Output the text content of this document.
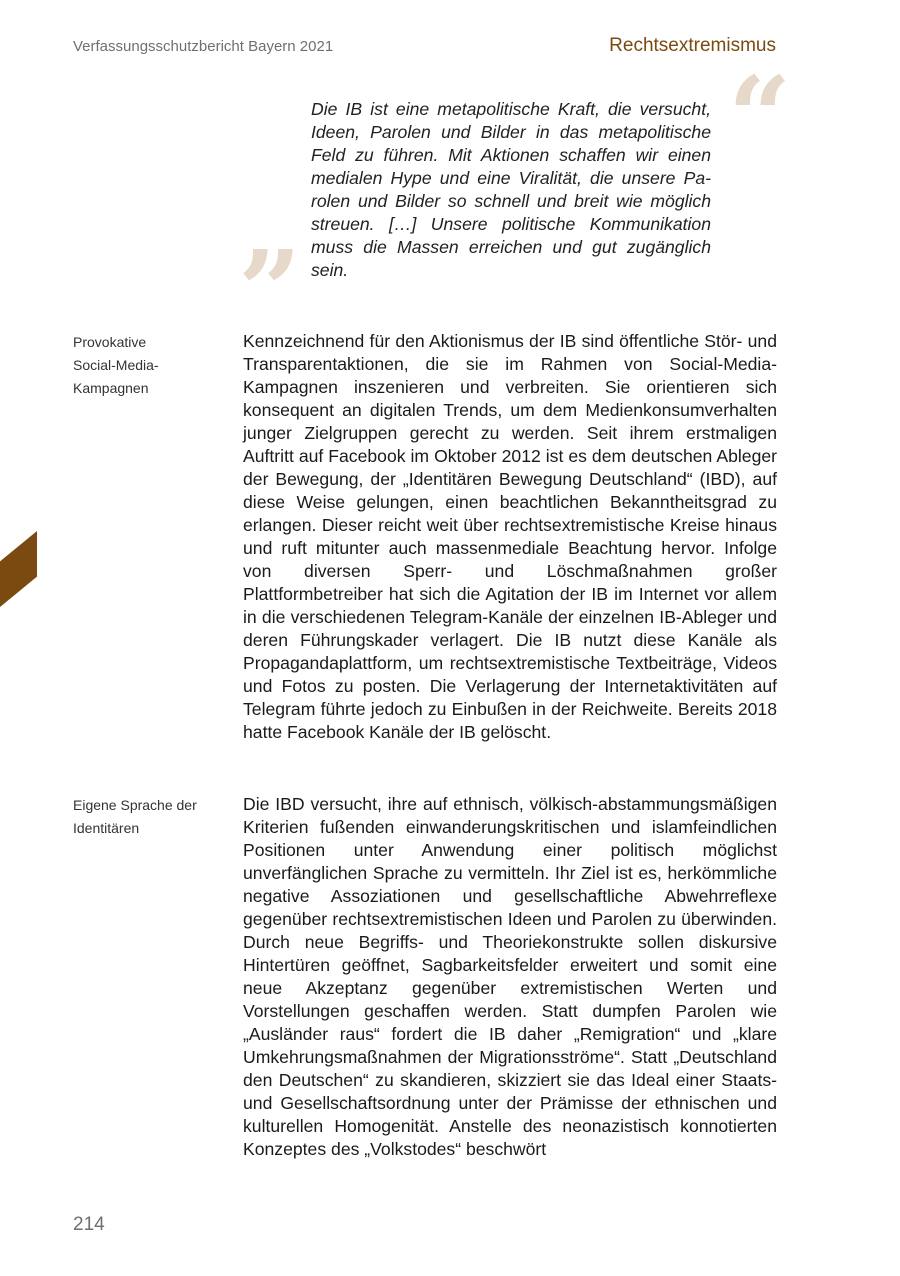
Verfassungsschutzbericht Bayern 2021	Rechtsextremismus
“
Die IB ist eine metapolitische Kraft, die versucht, Ideen, Parolen und Bilder in das metapolitische Feld zu führen. Mit Aktionen schaffen wir einen medialen Hype und eine Viralität, die unsere Parolen und Bilder so schnell und breit wie möglich streuen. […] Unsere politische Kommunikation muss die Massen erreichen und gut zugänglich sein.
”
Provokative
Social-Media-
Kampagnen
Kennzeichnend für den Aktionismus der IB sind öffentliche Stör- und Transparentaktionen, die sie im Rahmen von Social-Media-Kampagnen inszenieren und verbreiten. Sie orientieren sich konsequent an digitalen Trends, um dem Medienkonsumverhalten junger Zielgruppen gerecht zu werden. Seit ihrem erstmaligen Auftritt auf Facebook im Oktober 2012 ist es dem deutschen Ableger der Bewegung, der „Identitären Bewegung Deutschland“ (IBD), auf diese Weise gelungen, einen beachtlichen Bekanntheitsgrad zu erlangen. Dieser reicht weit über rechtsextremistische Kreise hinaus und ruft mitunter auch massenmediale Beachtung hervor. Infolge von diversen Sperr- und Löschmaßnahmen großer Plattformbetreiber hat sich die Agitation der IB im Internet vor allem in die verschiedenen Telegram-Kanäle der einzelnen IB-Ableger und deren Führungskader verlagert. Die IB nutzt diese Kanäle als Propagandaplattform, um rechtsextremistische Textbeiträge, Videos und Fotos zu posten. Die Verlagerung der Internetaktivitäten auf Telegram führte jedoch zu Einbußen in der Reichweite. Bereits 2018 hatte Facebook Kanäle der IB gelöscht.
Eigene Sprache der
Identitären
Die IBD versucht, ihre auf ethnisch, völkisch-abstammungsmäßigen Kriterien fußenden einwanderungskritischen und islamfeindlichen Positionen unter Anwendung einer politisch möglichst unverfänglichen Sprache zu vermitteln. Ihr Ziel ist es, herkömmliche negative Assoziationen und gesellschaftliche Abwehrreflexe gegenüber rechtsextremistischen Ideen und Parolen zu überwinden. Durch neue Begriffs- und Theoriekonstrukte sollen diskursive Hintertüren geöffnet, Sagbarkeitsfelder erweitert und somit eine neue Akzeptanz gegenüber extremistischen Werten und Vorstellungen geschaffen werden. Statt dumpfen Parolen wie „Ausländer raus“ fordert die IB daher „Remigration“ und „klare Umkehrungsmaßnahmen der Migrationsströme“. Statt „Deutschland den Deutschen“ zu skandieren, skizziert sie das Ideal einer Staats- und Gesellschaftsordnung unter der Prämisse der ethnischen und kulturellen Homogenität. Anstelle des neonazistisch konnotierten Konzeptes des „Volkstodes“ beschwört
214
